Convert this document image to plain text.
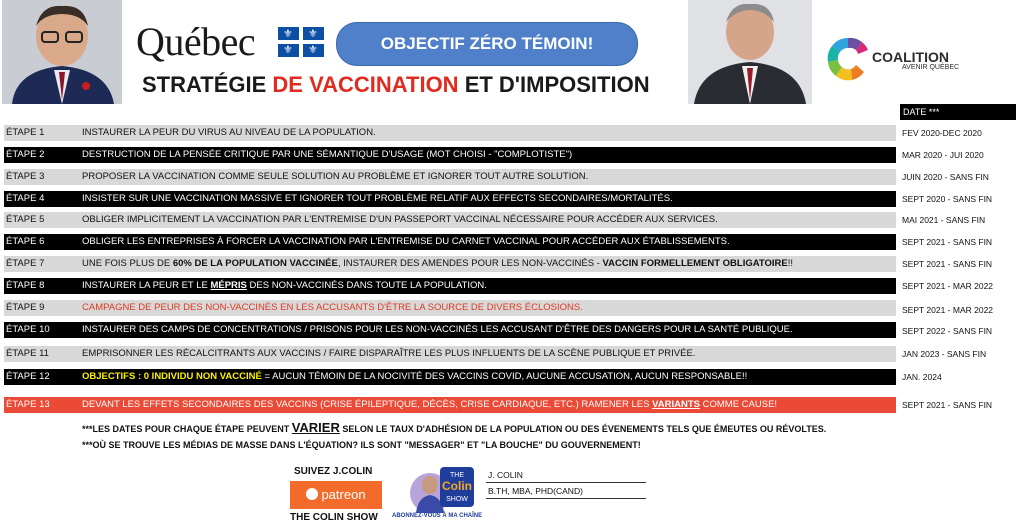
Québec	⚜ ⚜
⚜ ⚜	OBJECTIF ZÉRO TÉMOIN!
STRATÉGIE DE VACCINATION ET D'IMPOSITION
COALITION
AVENIR QUÉBEC
DATE ***
ÉTAPE 1	INSTAURER LA PEUR DU VIRUS AU NIVEAU DE LA POPULATION.	FEV 2020-DEC 2020
ÉTAPE 2	DESTRUCTION DE LA PENSÉE CRITIQUE PAR UNE SÉMANTIQUE D'USAGE (MOT CHOISI - "COMPLOTISTE")	MAR 2020 - JUI 2020
ÉTAPE 3	PROPOSER LA VACCINATION COMME SEULE SOLUTION AU PROBLÈME ET IGNORER TOUT AUTRE SOLUTION.	JUIN 2020 - SANS FIN
ÉTAPE 4	INSISTER SUR UNE VACCINATION MASSIVE ET IGNORER TOUT PROBLÈME RELATIF AUX EFFECTS SECONDAIRES/MORTALITÉS.	SEPT 2020 - SANS FIN
ÉTAPE 5	OBLIGER IMPLICITEMENT LA VACCINATION PAR L'ENTREMISE D'UN PASSEPORT VACCINAL NÉCESSAIRE POUR ACCÉDER AUX SERVICES.	MAI 2021 - SANS FIN
ÉTAPE 6	OBLIGER LES ENTREPRISES À FORCER LA VACCINATION PAR L'ENTREMISE DU CARNET VACCINAL POUR ACCÉDER AUX ÉTABLISSEMENTS.	SEPT 2021 - SANS FIN
ÉTAPE 7	UNE FOIS PLUS DE 60% DE LA POPULATION VACCINÉE, INSTAURER DES AMENDES POUR LES NON-VACCINÉS - VACCIN FORMELLEMENT OBLIGATOIRE!!	SEPT 2021 - SANS FIN
ÉTAPE 8	INSTAURER LA PEUR ET LE MÉPRIS DES NON-VACCINÉS DANS TOUTE LA POPULATION.	SEPT 2021 - MAR 2022
ÉTAPE 9	CAMPAGNE DE PEUR DES NON-VACCINÉS EN LES ACCUSANTS D'ÊTRE LA SOURCE DE DIVERS ÉCLOSIONS.	SEPT 2021 - MAR 2022
ÉTAPE 10	INSTAURER DES CAMPS DE CONCENTRATIONS / PRISONS POUR LES NON-VACCINÉS LES ACCUSANT D'ÊTRE DES DANGERS POUR LA SANTÉ PUBLIQUE.	SEPT 2022 - SANS FIN
ÉTAPE 11	EMPRISONNER LES RÉCALCITRANTS AUX VACCINS / FAIRE DISPARAÎTRE LES PLUS INFLUENTS DE LA SCÈNE PUBLIQUE ET PRIVÉE.	JAN 2023 - SANS FIN
ÉTAPE 12	OBJECTIFS : 0 INDIVIDU NON VACCINÉ = AUCUN TÉMOIN DE LA NOCIVITÉ DES VACCINS COVID, AUCUNE ACCUSATION, AUCUN RESPONSABLE!!	JAN. 2024
ÉTAPE 13	DEVANT LES EFFETS SECONDAIRES DES VACCINS (CRISE ÉPILEPTIQUE, DÉCÈS, CRISE CARDIAQUE, ETC.) RAMENER LES VARIANTS COMME CAUSE!	SEPT 2021 - SANS FIN
***LES DATES POUR CHAQUE ÉTAPE PEUVENT VARIER SELON LE TAUX D'ADHÉSION DE LA POPULATION OU DES ÉVENEMENTS TELS QUE ÉMEUTES OU RÉVOLTES.
***OÙ SE TROUVE LES MÉDIAS DE MASSE DANS L'ÉQUATION? ILS SONT "MESSAGER" ET "LA BOUCHE" DU GOUVERNEMENT!
SUIVEZ J.COLIN
patreon
THE COLIN SHOW
THE
Colin
SHOW
ABONNEZ-VOUS À MA CHAÎNE
J. COLIN
B.TH, MBA, PHD(CAND)
